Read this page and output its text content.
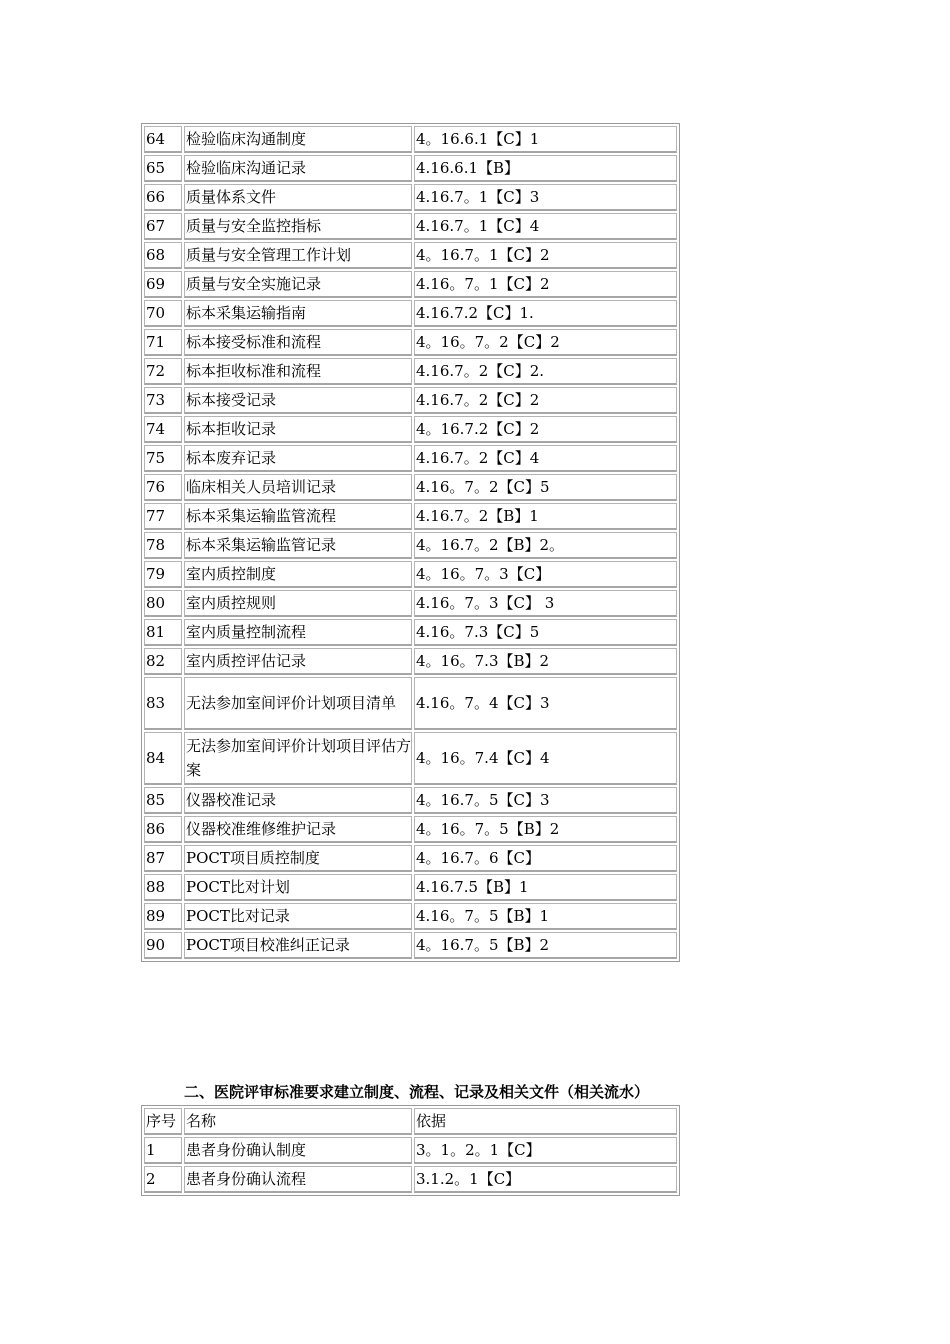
64	检验临床沟通制度	4。16.6.1【C】1
65	检验临床沟通记录	4.16.6.1【B】
66	质量体系文件	4.16.7。1【C】3
67	质量与安全监控指标	4.16.7。1【C】4
68	质量与安全管理工作计划	4。16.7。1【C】2
69	质量与安全实施记录	4.16。7。1【C】2
70	标本采集运输指南	4.16.7.2【C】1.
71	标本接受标准和流程	4。16。7。2【C】2
72	标本拒收标准和流程	4.16.7。2【C】2.
73	标本接受记录	4.16.7。2【C】2
74	标本拒收记录	4。16.7.2【C】2
75	标本废弃记录	4.16.7。2【C】4
76	临床相关人员培训记录	4.16。7。2【C】5
77	标本采集运输监管流程	4.16.7。2【B】1
78	标本采集运输监管记录	4。16.7。2【B】2。
79	室内质控制度	4。16。7。3【C】
80	室内质控规则	4.16。7。3【C】 3
81	室内质量控制流程	4.16。7.3【C】5
82	室内质控评估记录	4。16。7.3【B】2
83	无法参加室间评价计划项目清单	4.16。7。4【C】3
84	无法参加室间评价计划项目评估方案	4。16。7.4【C】4
85	仪器校准记录	4。16.7。5【C】3
86	仪器校准维修维护记录	4。16。7。5【B】2
87	POCT项目质控制度	4。16.7。6【C】
88	POCT比对计划	4.16.7.5【B】1
89	POCT比对记录	4.16。7。5【B】1
90	POCT项目校准纠正记录	4。16.7。5【B】2
二、医院评审标准要求建立制度、流程、记录及相关文件（相关流水）
序号	名称	依据
1	患者身份确认制度	3。1。2。1【C】
2	患者身份确认流程	3.1.2。1【C】
